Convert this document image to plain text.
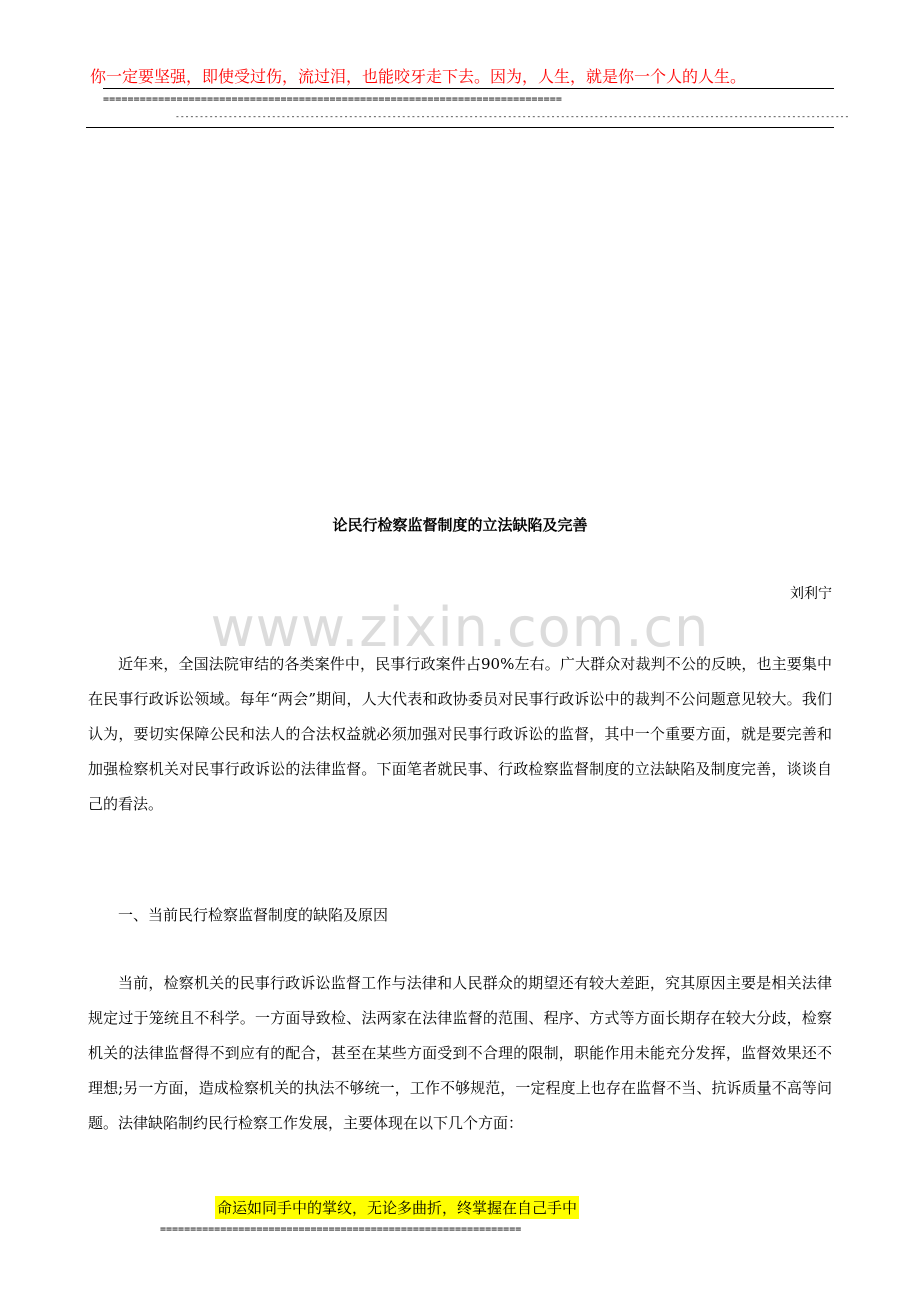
你一定要坚强，即使受过伤，流过泪，也能咬牙走下去。因为，人生，就是你一个人的人生。
===========================================================================
--------------------------------------------------------------------------------------------------------------------------------------------
www.zixin.com.cn
论民行检察监督制度的立法缺陷及完善
刘利宁
近年来，全国法院审结的各类案件中，民事行政案件占90%左右。广大群众对裁判不公的反映，也主要集中在民事行政诉讼领域。每年“两会”期间，人大代表和政协委员对民事行政诉讼中的裁判不公问题意见较大。我们认为，要切实保障公民和法人的合法权益就必须加强对民事行政诉讼的监督，其中一个重要方面，就是要完善和加强检察机关对民事行政诉讼的法律监督。下面笔者就民事、行政检察监督制度的立法缺陷及制度完善，谈谈自己的看法。
一、当前民行检察监督制度的缺陷及原因
当前，检察机关的民事行政诉讼监督工作与法律和人民群众的期望还有较大差距，究其原因主要是相关法律规定过于笼统且不科学。一方面导致检、法两家在法律监督的范围、程序、方式等方面长期存在较大分歧，检察机关的法律监督得不到应有的配合，甚至在某些方面受到不合理的限制，职能作用未能充分发挥，监督效果还不理想;另一方面，造成检察机关的执法不够统一，工作不够规范，一定程度上也存在监督不当、抗诉质量不高等问题。法律缺陷制约民行检察工作发展，主要体现在以下几个方面：
命运如同手中的掌纹，无论多曲折，终掌握在自己手中
============================================================
